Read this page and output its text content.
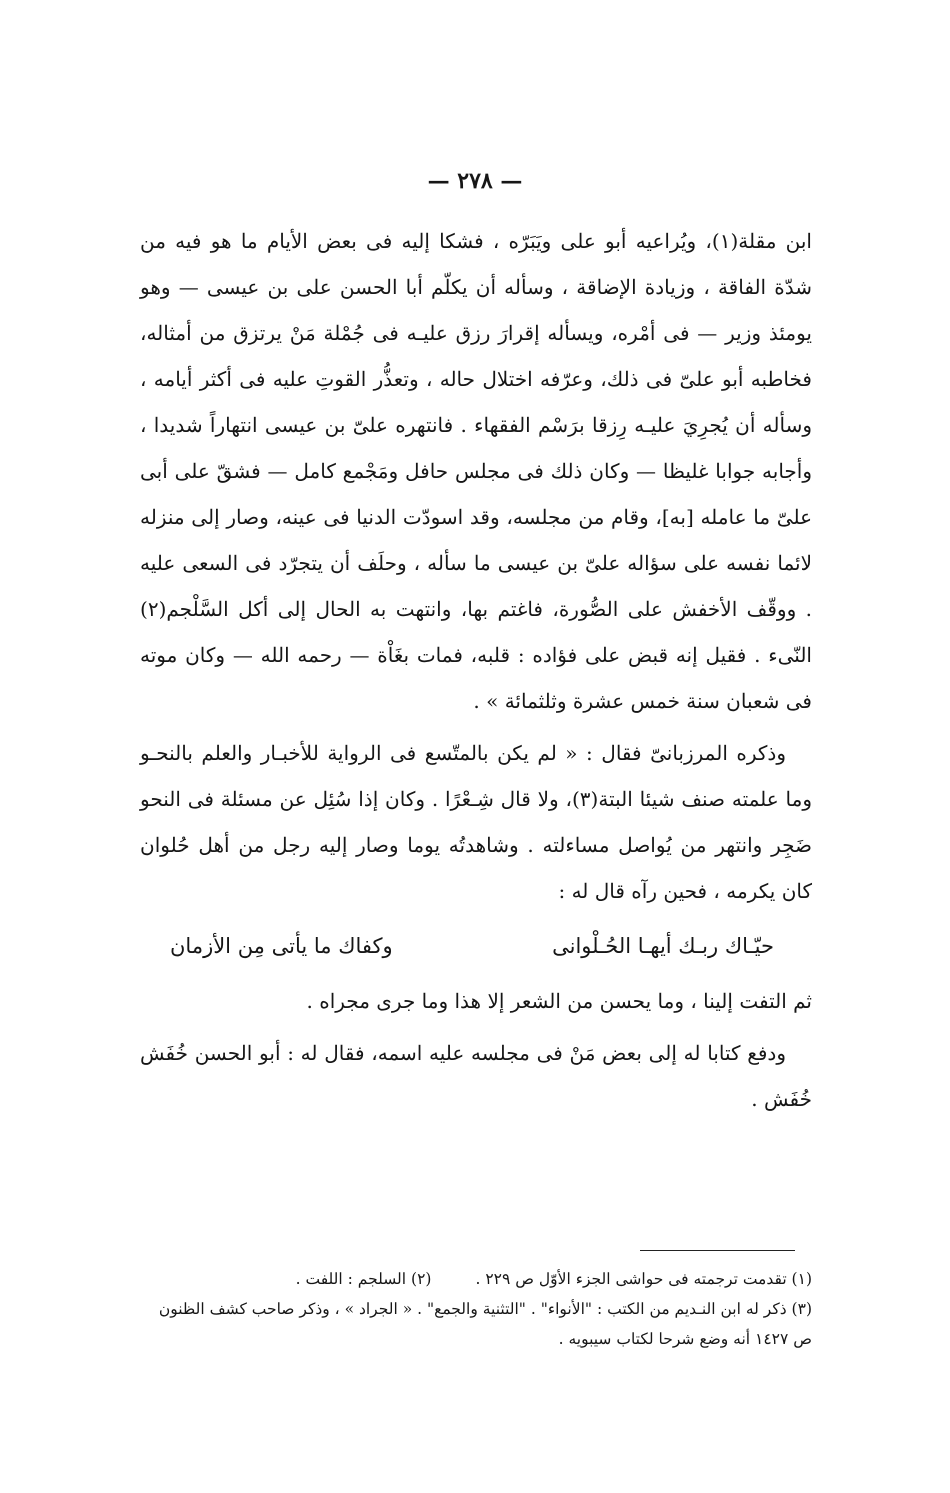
— ٢٧٨ —

ابن مقلة(١)، ويُراعيه أبو على ويَبَرّه ، فشكا إليه فى بعض الأيام ما هو فيه من شدّة الفاقة ، وزيادة الإضاقة ، وسأله أن يكلّم أبا الحسن على بن عيسى — وهو يومئذ وزير — فى أمْره، ويسأله إقرارَ رزق عليـه فى جُمْلة مَنْ يرتزق من أمثاله، فخاطبه أبو علىّ فى ذلك، وعرّفه اختلال حاله ، وتعذُّر القوتِ عليه فى أكثر أيامه ، وسأله أن يُجرِيَ عليـه رِزقا برَسْم الفقهاء . فانتهره علىّ بن عيسى انتهاراً شديدا ، وأجابه جوابا غليظا — وكان ذلك فى مجلس حافل ومَجْمع كامل — فشقّ على أبى علىّ ما عامله [به]، وقام من مجلسه، وقد اسودّت الدنيا فى عينه، وصار إلى منزله لائما نفسه على سؤاله علىّ بن عيسى ما سأله ، وحلَف أن يتجرّد فى السعى عليه . ووقّف الأخفش على الصُّورة، فاغتم بها، وانتهت به الحال إلى أكل السَّلْجم(٢) النّىء . فقيل إنه قبض على فؤاده : قلبه، فمات بغَاْة — رحمه الله — وكان موته فى شعبان سنة خمس عشرة وثلثمائة » .

وذكره المرزبانىّ فقال : « لم يكن بالمتّسع فى الرواية للأخبـار والعلم بالنحـو وما علمته صنف شيئا البتة(٣)، ولا قال شِـعْرًا . وكان إذا سُئِل عن مسئلة فى النحو ضَجِر وانتهر من يُواصل مساءلته . وشاهدتُه يوما وصار إليه رجل من أهل حُلوان كان يكرمه ، فحين رآه قال له :

حيّـاك ربـك أيهـا الحُـلْوانى
وكفاك ما يأتى مِن الأزمان

ثم التفت إلينا ، وما يحسن من الشعر إلا هذا وما جرى مجراه .

ودفع كتابا له إلى بعض مَنْ فى مجلسه عليه اسمه، فقال له : أبو الحسن خُفَش خُفَش .

(١) تقدمت ترجمته فى حواشى الجزء الأوّل ص ٢٢٩ .
(٢) السلجم : اللفت .

(٣) ذكر له ابن النـديم من الكتب : "الأنواء" . "التثنية والجمع" . « الجراد » ، وذكر صاحب كشف الظنون ص ١٤٢٧ أنه وضع شرحا لكتاب سيبويه .
